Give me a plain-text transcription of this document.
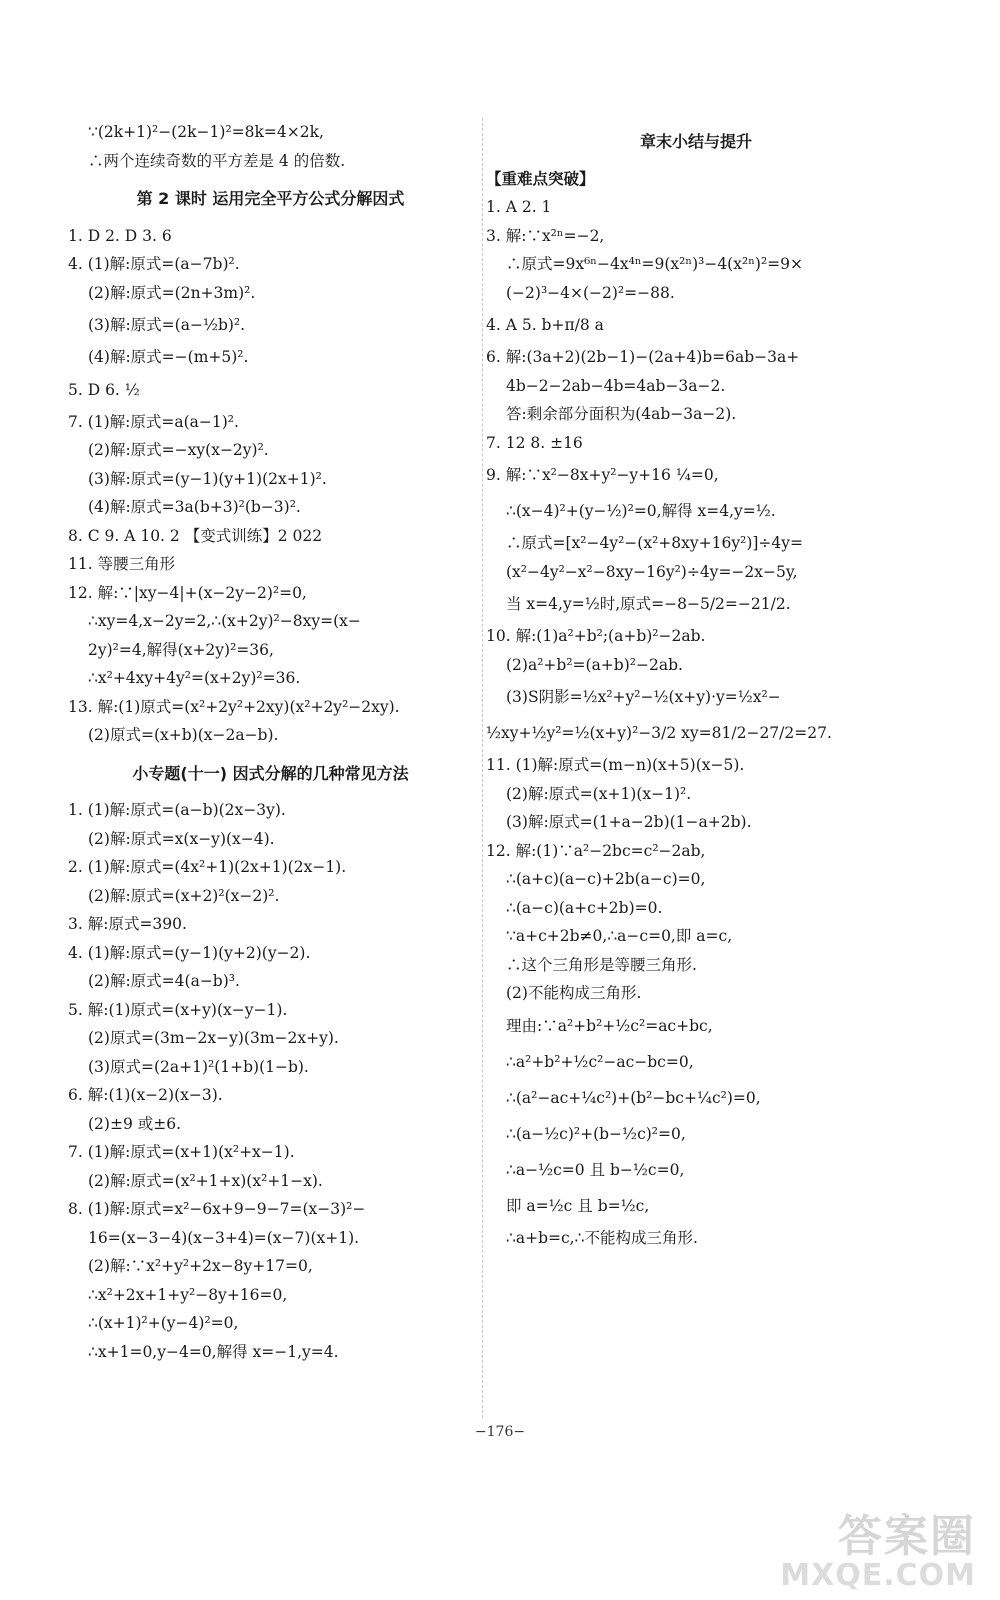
∵(2k+1)²−(2k−1)²=8k=4×2k,
∴两个连续奇数的平方差是 4 的倍数.
第 2 课时 运用完全平方公式分解因式
1. D 2. D 3. 6
4. (1)解:原式=(a−7b)².
(2)解:原式=(2n+3m)².
(3)解:原式=(a−½b)².
(4)解:原式=−(m+5)².
5. D 6. ½
7. (1)解:原式=a(a−1)².
(2)解:原式=−xy(x−2y)².
(3)解:原式=(y−1)(y+1)(2x+1)².
(4)解:原式=3a(b+3)²(b−3)².
8. C 9. A 10. 2 【变式训练】2 022
11. 等腰三角形
12. 解:∵|xy−4|+(x−2y−2)²=0,
∴xy=4,x−2y=2,∴(x+2y)²−8xy=(x−
2y)²=4,解得(x+2y)²=36,
∴x²+4xy+4y²=(x+2y)²=36.
13. 解:(1)原式=(x²+2y²+2xy)(x²+2y²−2xy).
(2)原式=(x+b)(x−2a−b).
小专题(十一) 因式分解的几种常见方法
1. (1)解:原式=(a−b)(2x−3y).
(2)解:原式=x(x−y)(x−4).
2. (1)解:原式=(4x²+1)(2x+1)(2x−1).
(2)解:原式=(x+2)²(x−2)².
3. 解:原式=390.
4. (1)解:原式=(y−1)(y+2)(y−2).
(2)解:原式=4(a−b)³.
5. 解:(1)原式=(x+y)(x−y−1).
(2)原式=(3m−2x−y)(3m−2x+y).
(3)原式=(2a+1)²(1+b)(1−b).
6. 解:(1)(x−2)(x−3).
(2)±9 或±6.
7. (1)解:原式=(x+1)(x²+x−1).
(2)解:原式=(x²+1+x)(x²+1−x).
8. (1)解:原式=x²−6x+9−9−7=(x−3)²−
16=(x−3−4)(x−3+4)=(x−7)(x+1).
(2)解:∵x²+y²+2x−8y+17=0,
∴x²+2x+1+y²−8y+16=0,
∴(x+1)²+(y−4)²=0,
∴x+1=0,y−4=0,解得 x=−1,y=4.
章末小结与提升
【重难点突破】
1. A 2. 1
3. 解:∵x²ⁿ=−2,
∴原式=9x⁶ⁿ−4x⁴ⁿ=9(x²ⁿ)³−4(x²ⁿ)²=9×
(−2)³−4×(−2)²=−88.
4. A 5. b+π/8 a
6. 解:(3a+2)(2b−1)−(2a+4)b=6ab−3a+
4b−2−2ab−4b=4ab−3a−2.
答:剩余部分面积为(4ab−3a−2).
7. 12 8. ±16
9. 解:∵x²−8x+y²−y+16 ¼=0,
∴(x−4)²+(y−½)²=0,解得 x=4,y=½.
∴原式=[x²−4y²−(x²+8xy+16y²)]÷4y=
(x²−4y²−x²−8xy−16y²)÷4y=−2x−5y,
当 x=4,y=½时,原式=−8−5/2=−21/2.
10. 解:(1)a²+b²;(a+b)²−2ab.
(2)a²+b²=(a+b)²−2ab.
(3)S阴影=½x²+y²−½(x+y)·y=½x²−
½xy+½y²=½(x+y)²−3/2 xy=81/2−27/2=27.
11. (1)解:原式=(m−n)(x+5)(x−5).
(2)解:原式=(x+1)(x−1)².
(3)解:原式=(1+a−2b)(1−a+2b).
12. 解:(1)∵a²−2bc=c²−2ab,
∴(a+c)(a−c)+2b(a−c)=0,
∴(a−c)(a+c+2b)=0.
∵a+c+2b≠0,∴a−c=0,即 a=c,
∴这个三角形是等腰三角形.
(2)不能构成三角形.
理由:∵a²+b²+½c²=ac+bc,
∴a²+b²+½c²−ac−bc=0,
∴(a²−ac+¼c²)+(b²−bc+¼c²)=0,
∴(a−½c)²+(b−½c)²=0,
∴a−½c=0 且 b−½c=0,
即 a=½c 且 b=½c,
∴a+b=c,∴不能构成三角形.
−176−
答案圈
MXQE.COM
